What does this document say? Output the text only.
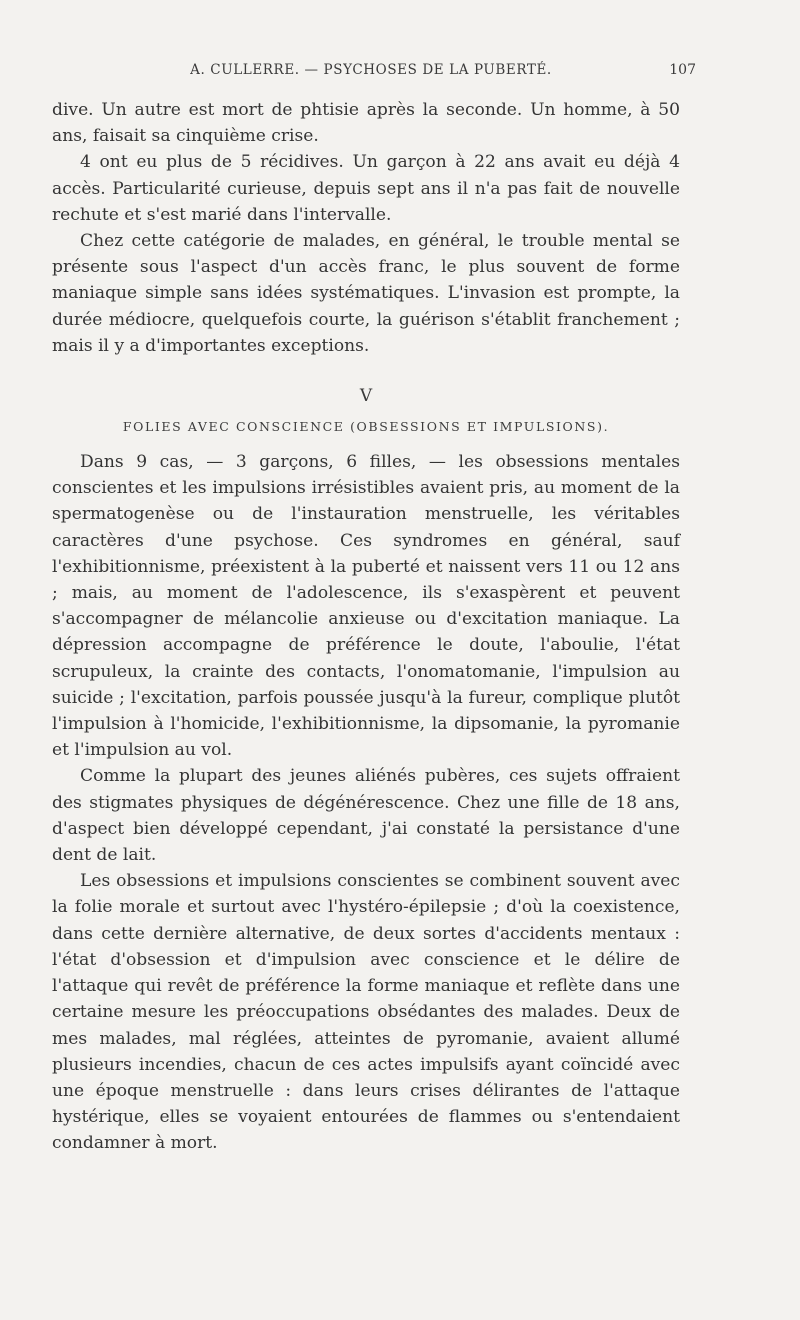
A. CULLERRE. — PSYCHOSES DE LA PUBERTÉ.	107

dive. Un autre est mort de phtisie après la seconde. Un homme, à 50 ans, faisait sa cinquième crise.

4 ont eu plus de 5 récidives. Un garçon à 22 ans avait eu déjà 4 accès. Particularité curieuse, depuis sept ans il n'a pas fait de nouvelle rechute et s'est marié dans l'intervalle.

Chez cette catégorie de malades, en général, le trouble mental se présente sous l'aspect d'un accès franc, le plus souvent de forme maniaque simple sans idées systématiques. L'invasion est prompte, la durée médiocre, quelquefois courte, la guérison s'établit franchement ; mais il y a d'importantes exceptions.

V
FOLIES AVEC CONSCIENCE (OBSESSIONS ET IMPULSIONS).

Dans 9 cas, — 3 garçons, 6 filles, — les obsessions mentales conscientes et les impulsions irrésistibles avaient pris, au moment de la spermatogenèse ou de l'instauration menstruelle, les véritables caractères d'une psychose. Ces syndromes en général, sauf l'exhibitionnisme, préexistent à la puberté et naissent vers 11 ou 12 ans ; mais, au moment de l'adolescence, ils s'exaspèrent et peuvent s'accompagner de mélancolie anxieuse ou d'excitation maniaque. La dépression accompagne de préférence le doute, l'aboulie, l'état scrupuleux, la crainte des contacts, l'onomatomanie, l'impulsion au suicide ; l'excitation, parfois poussée jusqu'à la fureur, complique plutôt l'impulsion à l'homicide, l'exhibitionnisme, la dipsomanie, la pyromanie et l'impulsion au vol.

Comme la plupart des jeunes aliénés pubères, ces sujets offraient des stigmates physiques de dégénérescence. Chez une fille de 18 ans, d'aspect bien développé cependant, j'ai constaté la persistance d'une dent de lait.

Les obsessions et impulsions conscientes se combinent souvent avec la folie morale et surtout avec l'hystéro-épilepsie ; d'où la coexistence, dans cette dernière alternative, de deux sortes d'accidents mentaux : l'état d'obsession et d'impulsion avec conscience et le délire de l'attaque qui revêt de préférence la forme maniaque et reflète dans une certaine mesure les préoccupations obsédantes des malades. Deux de mes malades, mal réglées, atteintes de pyromanie, avaient allumé plusieurs incendies, chacun de ces actes impulsifs ayant coïncidé avec une époque menstruelle : dans leurs crises délirantes de l'attaque hystérique, elles se voyaient entourées de flammes ou s'entendaient condamner à mort.
